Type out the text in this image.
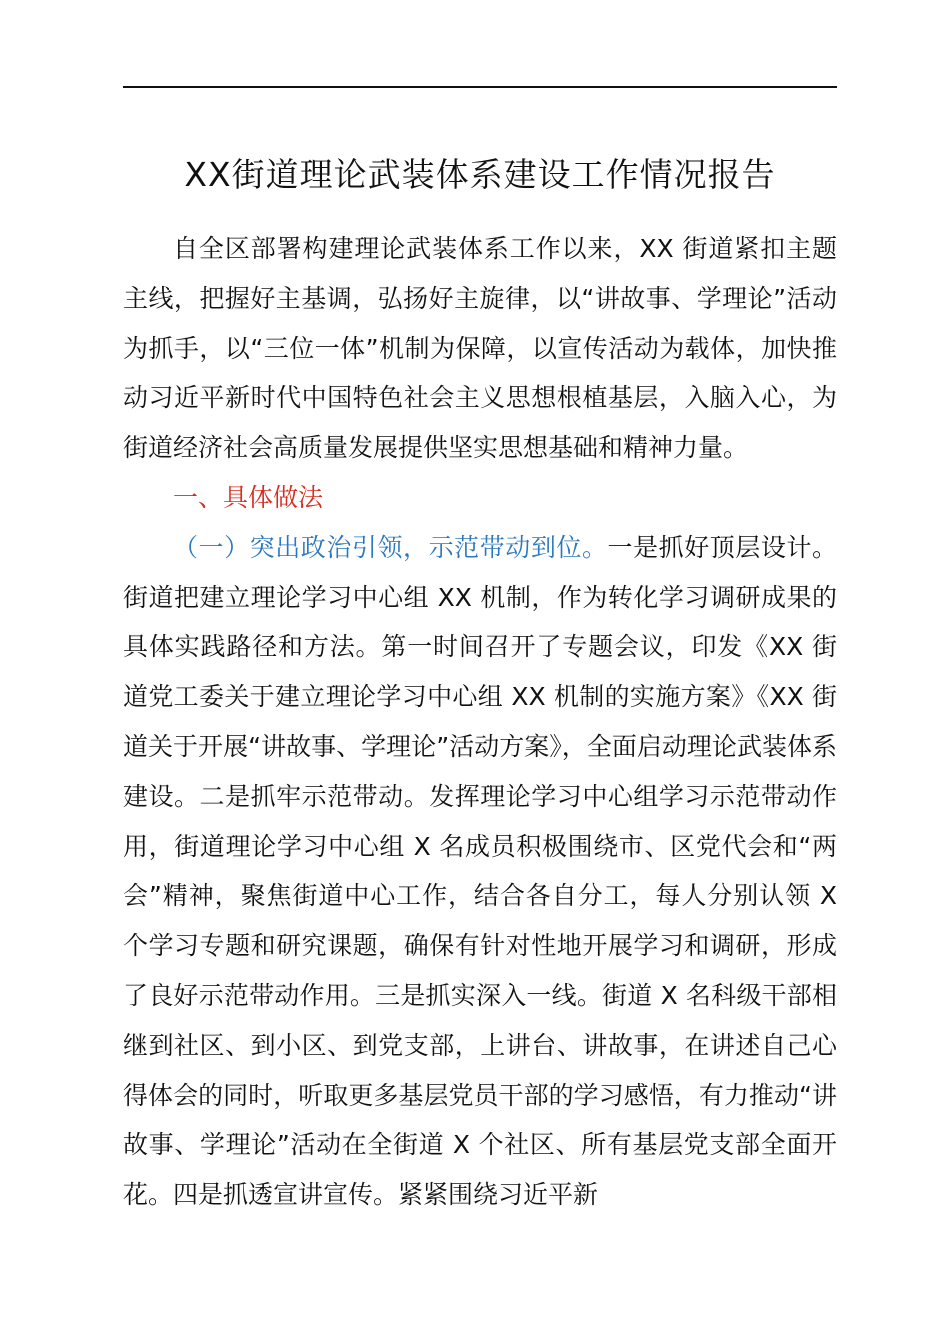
XX街道理论武装体系建设工作情况报告

自全区部署构建理论武装体系工作以来，XX 街道紧扣主题主线，把握好主基调，弘扬好主旋律，以“讲故事、学理论”活动为抓手，以“三位一体”机制为保障，以宣传活动为载体，加快推动习近平新时代中国特色社会主义思想根植基层，入脑入心，为街道经济社会高质量发展提供坚实思想基础和精神力量。

一、具体做法

（一）突出政治引领，示范带动到位。一是抓好顶层设计。街道把建立理论学习中心组 XX 机制，作为转化学习调研成果的具体实践路径和方法。第一时间召开了专题会议，印发《XX 街道党工委关于建立理论学习中心组 XX 机制的实施方案》《XX 街道关于开展“讲故事、学理论”活动方案》，全面启动理论武装体系建设。二是抓牢示范带动。发挥理论学习中心组学习示范带动作用，街道理论学习中心组 X 名成员积极围绕市、区党代会和“两会”精神，聚焦街道中心工作，结合各自分工，每人分别认领 X 个学习专题和研究课题，确保有针对性地开展学习和调研，形成了良好示范带动作用。三是抓实深入一线。街道 X 名科级干部相继到社区、到小区、到党支部，上讲台、讲故事，在讲述自己心得体会的同时，听取更多基层党员干部的学习感悟，有力推动“讲故事、学理论”活动在全街道 X 个社区、所有基层党支部全面开花。四是抓透宣讲宣传。紧紧围绕习近平新
